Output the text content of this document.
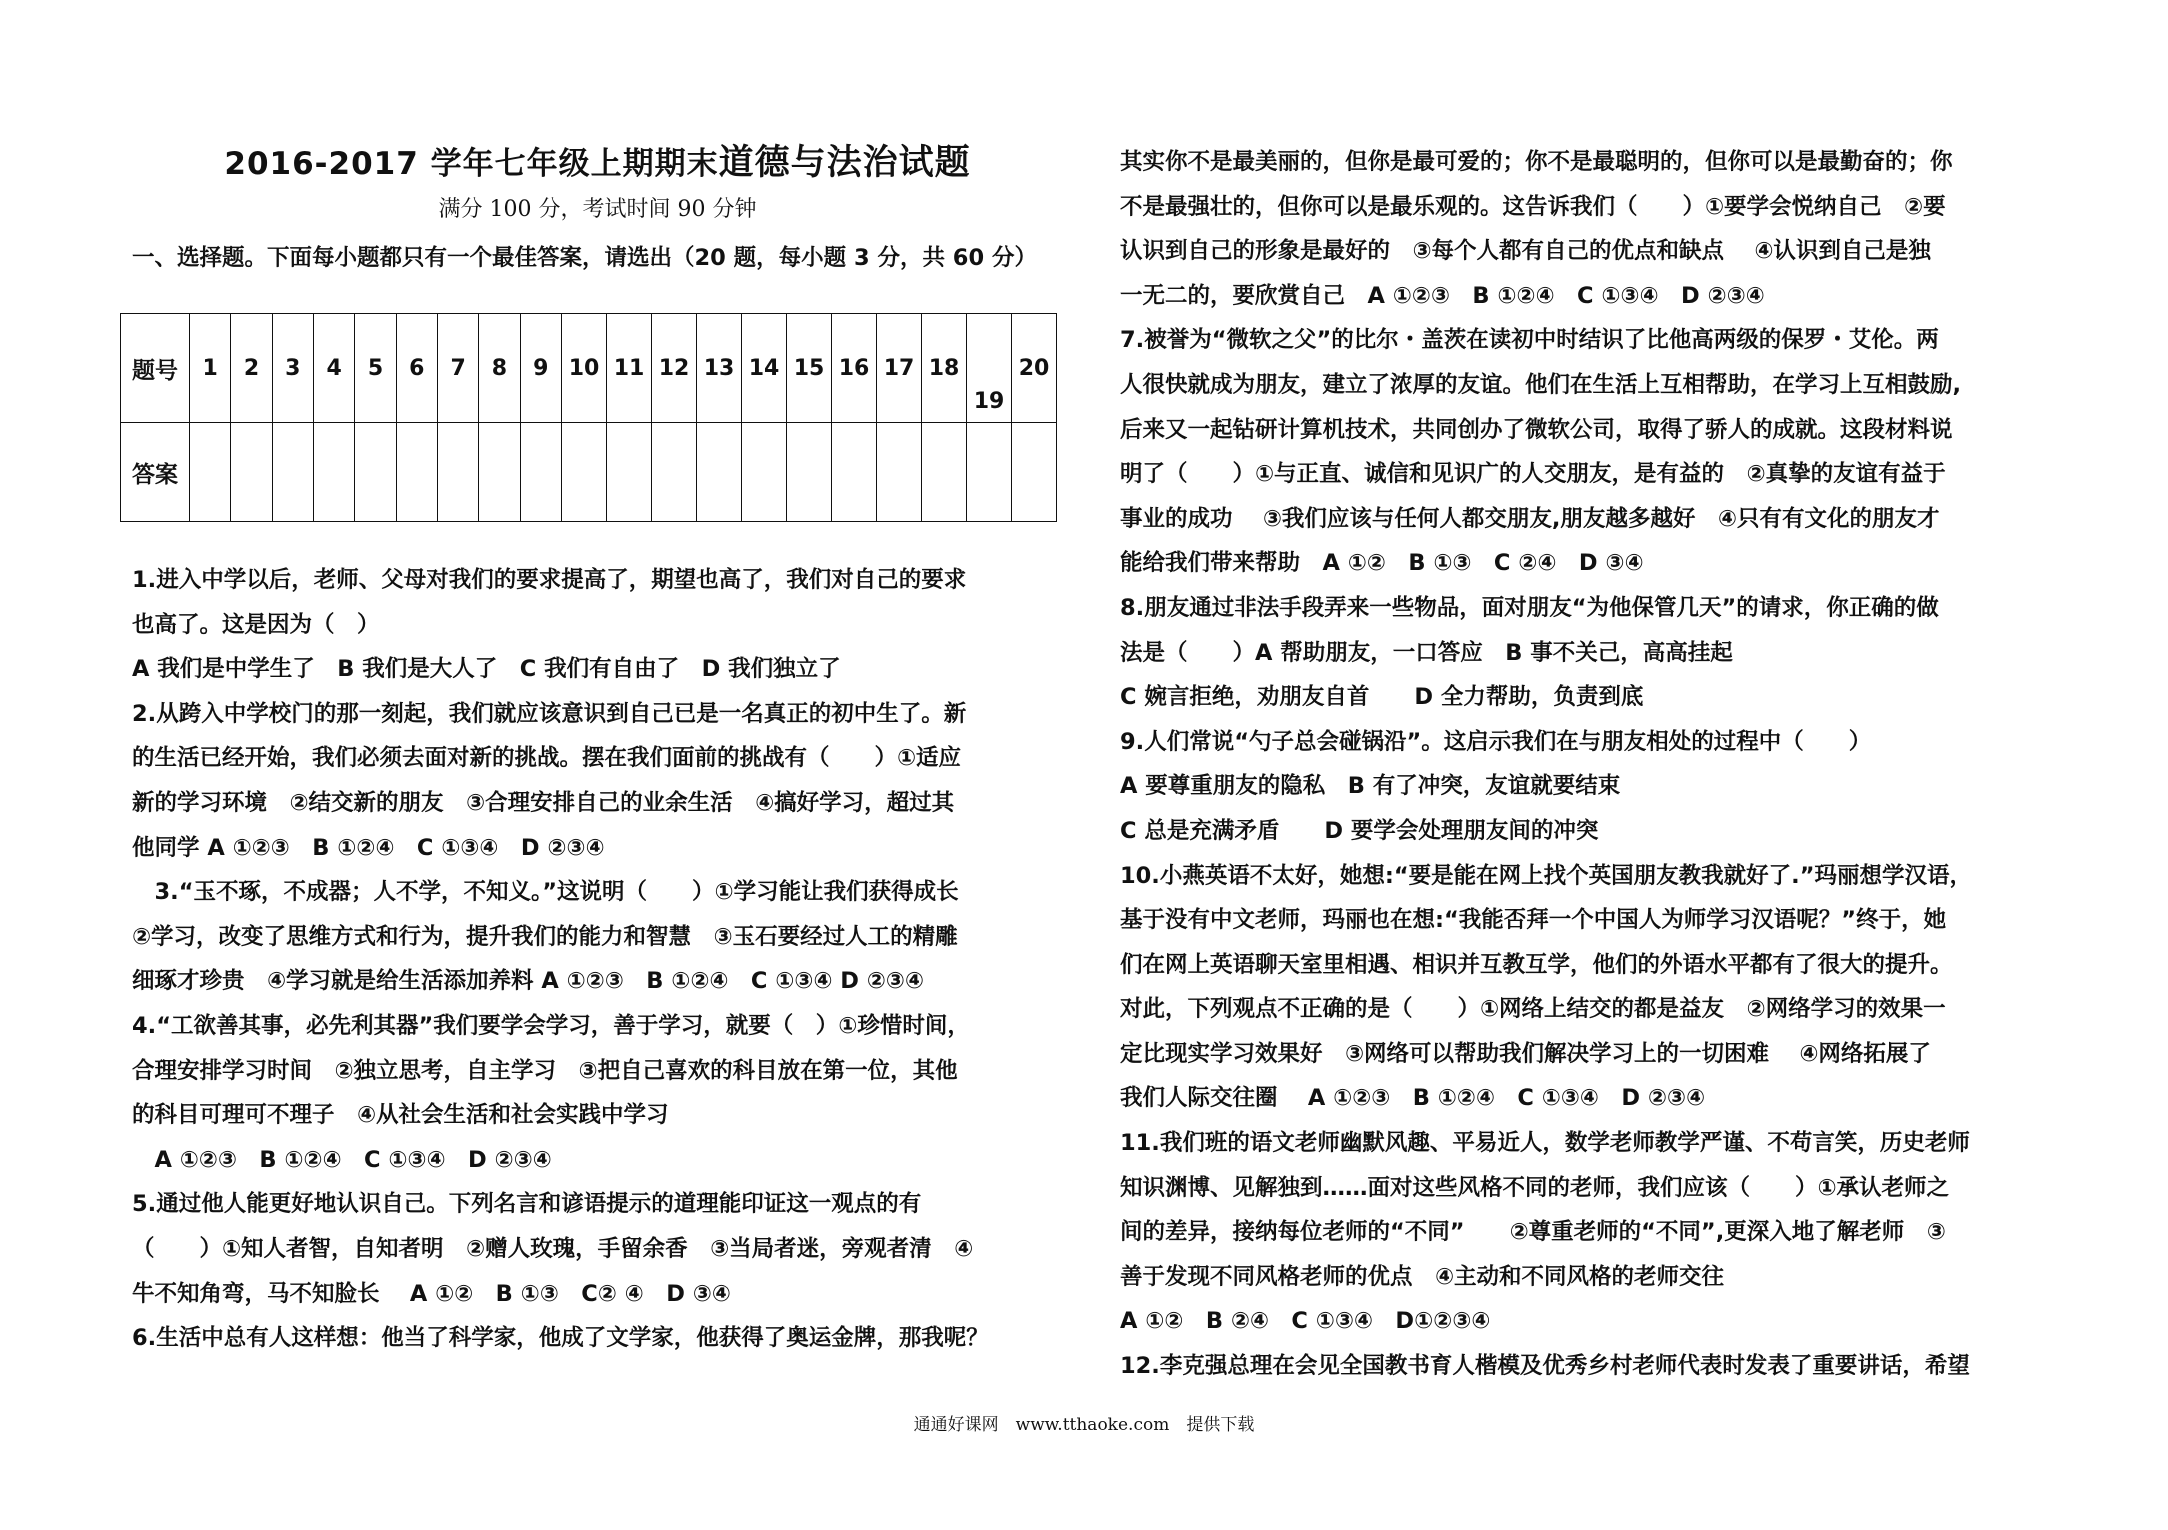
2016-2017 学年七年级上期期末道德与法治试题
满分 100 分，考试时间 90 分钟
一、选择题。下面每小题都只有一个最佳答案，请选出（20 题，每小题 3 分，共 60 分）
题号	1	2	3	4	5	6	7	8	9	10	11	12	13	14	15	16	17	18	19	20
答案																				

1.进入中学以后，老师、父母对我们的要求提高了，期望也高了，我们对自己的要求

也高了。这是因为（　）

A 我们是中学生了　B 我们是大人了　C 我们有自由了　D 我们独立了

2.从跨入中学校门的那一刻起，我们就应该意识到自己已是一名真正的初中生了。新

的生活已经开始，我们必须去面对新的挑战。摆在我们面前的挑战有（　　）①适应

新的学习环境　②结交新的朋友　③合理安排自己的业余生活　④搞好学习，超过其

他同学 A ①②③　B ①②④　C ①③④　D ②③④

　3.“玉不琢，不成器；人不学，不知义。”这说明（　　）①学习能让我们获得成长

②学习，改变了思维方式和行为，提升我们的能力和智慧　③玉石要经过人工的精雕

细琢才珍贵　④学习就是给生活添加养料 A ①②③　B ①②④　C ①③④ D ②③④

4.“工欲善其事，必先利其器”我们要学会学习，善于学习，就要（　）①珍惜时间，

合理安排学习时间　②独立思考，自主学习　③把自己喜欢的科目放在第一位，其他

的科目可理可不理子　④从社会生活和社会实践中学习

　A ①②③　B ①②④　C ①③④　D ②③④

5.通过他人能更好地认识自己。下列名言和谚语提示的道理能印证这一观点的有

（　　）①知人者智，自知者明　②赠人玫瑰，手留余香　③当局者迷，旁观者清　④

牛不知角弯，马不知脸长　 A ①②　B ①③　C② ④　D ③④

6.生活中总有人这样想：他当了科学家，他成了文学家，他获得了奥运金牌，那我呢？

其实你不是最美丽的，但你是最可爱的；你不是最聪明的，但你可以是最勤奋的；你

不是最强壮的，但你可以是最乐观的。这告诉我们（　　）①要学会悦纳自己　②要

认识到自己的形象是最好的　③每个人都有自己的优点和缺点　 ④认识到自己是独

一无二的，要欣赏自己　A ①②③　B ①②④　C ①③④　D ②③④

7.被誉为“微软之父”的比尔・盖茨在读初中时结识了比他高两级的保罗・艾伦。两

人很快就成为朋友，建立了浓厚的友谊。他们在生活上互相帮助，在学习上互相鼓励,

后来又一起钻研计算机技术，共同创办了微软公司，取得了骄人的成就。这段材料说

明了（　　）①与正直、诚信和见识广的人交朋友，是有益的　②真挚的友谊有益于

事业的成功　 ③我们应该与任何人都交朋友,朋友越多越好　④只有有文化的朋友才

能给我们带来帮助　A ①②　B ①③　C ②④　D ③④

8.朋友通过非法手段弄来一些物品，面对朋友“为他保管几天”的请求，你正确的做

法是（　　）A 帮助朋友，一口答应　B 事不关己，高高挂起

C 婉言拒绝，劝朋友自首　　D 全力帮助，负责到底

9.人们常说“勺子总会碰锅沿”。这启示我们在与朋友相处的过程中（　　）

A 要尊重朋友的隐私　B 有了冲突，友谊就要结束

C 总是充满矛盾　　D 要学会处理朋友间的冲突

10.小燕英语不太好，她想:“要是能在网上找个英国朋友教我就好了.”玛丽想学汉语，

基于没有中文老师，玛丽也在想:“我能否拜一个中国人为师学习汉语呢？”终于，她

们在网上英语聊天室里相遇、相识并互教互学，他们的外语水平都有了很大的提升。

对此，下列观点不正确的是（　　）①网络上结交的都是益友　②网络学习的效果一

定比现实学习效果好　③网络可以帮助我们解决学习上的一切困难　 ④网络拓展了

我们人际交往圈　 A ①②③　B ①②④　C ①③④　D ②③④

11.我们班的语文老师幽默风趣、平易近人，数学老师教学严谨、不苟言笑，历史老师

知识渊博、见解独到……面对这些风格不同的老师，我们应该（　　）①承认老师之

间的差异，接纳每位老师的“不同”　　②尊重老师的“不同”,更深入地了解老师　③

善于发现不同风格老师的优点　④主动和不同风格的老师交往

A ①②　B ②④　C ①③④　D①②③④

12.李克强总理在会见全国教书育人楷模及优秀乡村老师代表时发表了重要讲话，希望

通通好课网　www.tthaoke.com　提供下载
